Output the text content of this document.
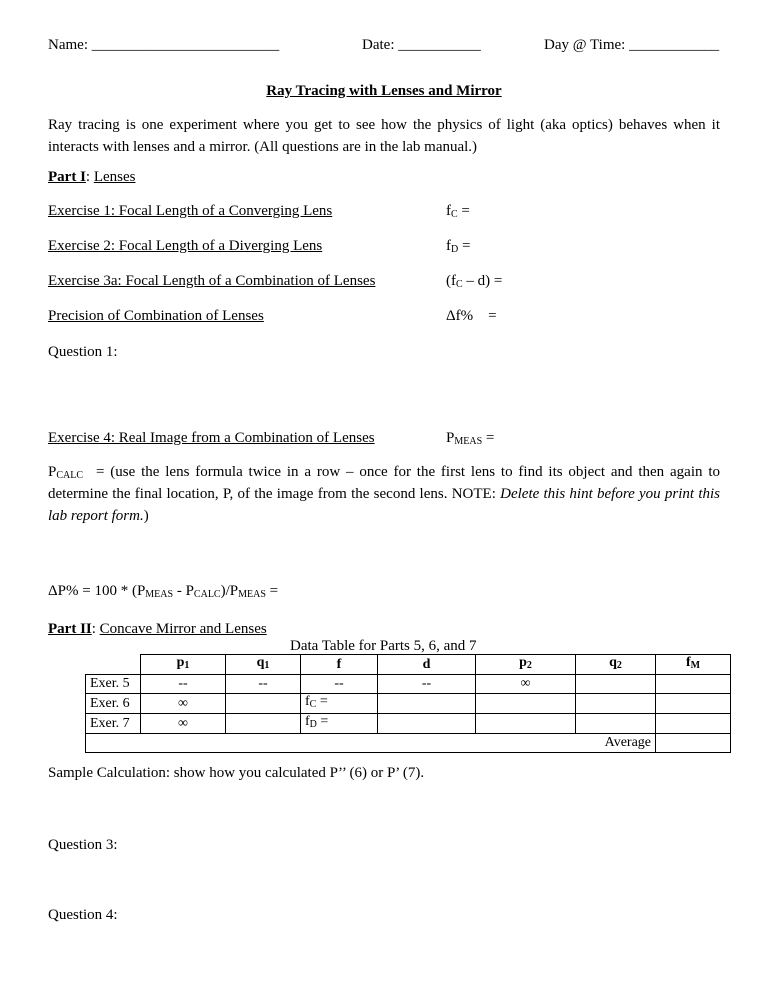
Name: _________________________	Date: ___________	Day @ Time: ____________
Ray Tracing with Lenses and Mirror
Ray tracing is one experiment where you get to see how the physics of light (aka optics) behaves when it interacts with lenses and a mirror. (All questions are in the lab manual.)
Part I: Lenses
Exercise 1: Focal Length of a Converging Lens	$f_C$ =
Exercise 2: Focal Length of a Diverging Lens	$f_D$ =
Exercise 3a: Focal Length of a Combination of Lenses	$(f_C - d)$ =
Precision of Combination of Lenses	Δf%    =
Question 1:
Exercise 4: Real Image from a Combination of Lenses	$P_{MEAS}$ =
$P_{CALC} = (use$ the lens formula twice in a row – once for the first lens to find its object and then again to determine the final location, P, of the image from the second lens. NOTE: Delete this hint before you print this lab report form.)
$\Delta P\% = 100 * (P_{MEAS} - P_{CALC})/P_{MEAS}$ =
Part II: Concave Mirror and Lenses
Data Table for Parts 5, 6, and 7
	$p_1$	$q_1$	f	d	$p_2$	$q_2$	$f_M$
Exer. 5	--	--	--	--	∞		
Exer. 6	∞		$f_C$ =				
Exer. 7	∞		$f_D$ =				
Average							
Sample Calculation: show how you calculated P’’ (6) or P’ (7).
Question 3:
Question 4:
